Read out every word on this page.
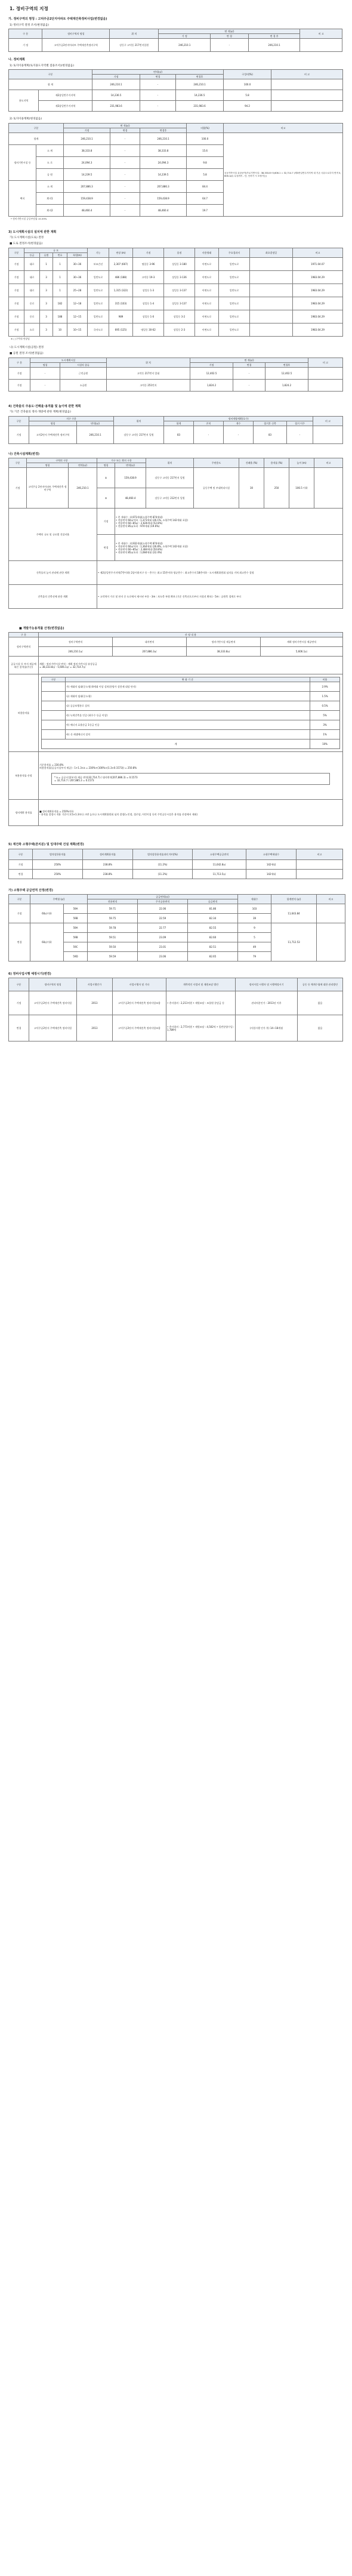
1. 정비구역의 지정
가. 정비구역의 명칭 : 고덕주공2단지아파트 주택재건축정비사업(변경없음)
1) 정비구역 결정 조서(변경없음)
구 분	정비구역의 명칭	위 치	면 적(㎡)			비 고
			기 정	변 경	변 경 후	
기 정	고덕주공2단지아파트 주택재건축정비구역	강동구 고덕동 217번지일원	246,210.1	-	246,210.1	
나. 정비계획
1) 토지이용계획(토지용도지역별 점용조서)(변경없음)
구분		면적(㎡)			구성비(%)	비 고
		기정	변경	변경후		
합 계		246,210.1	-	246,210.1	100.0	
용도지역	제2종일반주거지역	14,236.5	-	14,236.5	5.8	
	제3종일반주거지역	231,983.6	-	231,983.6	94.2	
2) 토지이용계획(변경없음)
구분		면 적(㎡)			비율(%)	비고
		기정	변경	변경후		
합계		246,210.1	-	246,210.1	100.0	공공기반시설 유상공여(가로기반시설 : 38,333.8÷5,606.1 = 32,714.7 (제3종일반주거지역 내 기존 국유도로부지 면적 5,606.1㎡) 무상귀속 - 단, 인허가 시 조정가능)
정비기반시설 등	소 계	38,333.8	-	38,333.8	15.6	
	도 로	24,094.3	-	24,094.3	9.8	
	공 원	14,239.5	-	14,239.5	5.8	
택지	소 계	207,886.3	-	207,886.3	84.4	
	획지1	159,438.9	-	159,438.9	64.7	
	획지2	48,460.4	-	48,460.4	19.7	
* 정비기반시설 공공부담률 15.59%
3) 도시계획시설의 설치에 관한 계획
가) 도시계획시설(도로) 결정
■ 도로 결정조서(변경없음)
구분	규 모				기능	연장 (m)	기점	종점	사용형태	주요경과지	최초결정일	비고	
	등급	류별	번호	폭원(m)									
기정	대로	1	1	30~36	보조간선	2,307 (667)	명일동 3-96	상일동 3-180	이면도로	일반도로		1971.04.07	
기정	대로	3	1	30~36	일반도로	486 (188)	고덕동 19-3	상일동 3-136	이면도로	일반도로		1983.04.29	
기정	대로	3	1	25~28	일반도로	1,315 (322)	상일동 1-3	상일동 3-137	이면도로	일반도로		1983.04.29	
기정	중로	3	182	12~18	일반도로	315 (103)	상일동 1-4	상일동 3-137	이면도로	일반도로		1983.04.29	
기정	중로	3	188	12~15	일반도로	989	상일동 1-0	상일동 3-2	이면도로	일반도로		1983.04.29	
기정	소로	3	10	10~15	국지도로	695 (125)	명일동 30-62	상일동 2-3	이면도로	일반도로		1983.04.29	
※ ( )구역내 연장임
나) 도시계획시설(공원) 결정
■ 공원 결정 조서(변경없음)
구 분	도시계획시설		위 치	면 적(㎡)			비 고
	명칭	시설의 종류		기정	변경	변경후	
기정	-	근린공원	고덕동 217번지 일대	12,402.5	-	12,402.5	
기정	-	소공원	고덕동 251번지	1,824.2	-	1,824.2	
4) 건축물의 주용도·건폐율·용적률 및 높이에 관한 계획
가) 기존 건축물의 정비·개량에 관한 계획(변경없음)
구분	지구 구분		위치	정비개량계획(호수)					비 고
	명칭	면적(㎡)		합계	존치	개수	철거후 신축	철거 이주	
기정	고덕2단지 주택재건축 정비구역	246,210.1	강동구 고덕동 217번지 일원	83	-	-	83	-	
나) 건축시설계획(변경)
구분	구역의 구분		가구 또는 획지 구분		위치	주된용도	건폐율 (%)	용적률 (%)	높이 (m)	비고
	명칭	면적(㎡)	명칭	면적(㎡)						
기정	고덕주공 2단지아파트 주택재건축 정비구역	246,210.1	①	159,438.9	강동구 고덕동 217번지 일원	공동주택 및 부대복리시설	30	250	106.5 이하	
			②	48,460.4	강동구 고덕동 212번지 일원					
주택의 규모 및 규모별 건설비율			기정	• 총 세대수 : 4,973세대(소형주택 874세대)
• 전용면적 60㎡이하 : 1,373세대 (26.1%, 소형주택 142세대 포함)
• 전용면적 60~85㎡ : 2,626세대 (52.8%)
• 전용면적 85㎡초과 : 974세대 (19.6%)						

			변경	• 총 세대수 : 4,932세대(소형주택 874세대)
• 전용면적 60㎡이하 : 1,364세대 (26.8%, 소형주택 142세대 포함)
• 전용면적 60~85㎡ : 2,484세대 (50.8%)
• 전용면적 85㎡초과 : 1,084세대 (22.4%)						

건축물의 높이 관리에 관한 계획			• 제2종일반주거지역(7층이하) 2종이하지구 등 - 층수는 최고 15층이하 평균층수 : 최고층수의 18층이하 - 도시계획위원회 심의를 거쳐 최고층수 결정							
건축물의 건축선에 관한 계획			• 고덕역이 가로 및 단지 중 도로에서 제시된 부분 - 3m : 보도측 폭원 확보 (기준 건축선으로부터 지정선 확보) - 5m : 공원측 경계로 부터							
■ 개발가능용적률 산정(변경없음)
구 분	산 정 내 용
정비구역면적	정비구역면적	대지면적	정비기반시설 제공면적	계획 정비기반시설 제공면적
246,210.1㎡	207,886.3㎡	38,333.8㎡	5,606.1㎡
공공시설 등 부지 제공에 따른 용적률(가중)	
계획 : 정비기반시설 면적 - 계획 정비기반시설 유상공급
= 38,333.8㎡ - 5,606.1㎡ = 32,714.7㎡

허용용적률	
구분	완 화 기 준	비율
	가) 세대의 임대(중소형) 8세대 이상 설치(분양가 상한제 대상 단지)	2.9%
	나) 세대의 임대(중소형)	1.5%
	다) 공공보행통로 설치	0.5%
	라) 녹색건축물 인증 (최우수 등급 이상)	5%
	마) 에너지 효율등급 1등급 인증	3%
	바) 신·재생에너지 설치	1%
계	10%

허용용적률 산정	
기준용적률 = 230.8%
허용용적률(공공시설부지 제공) : 1+1.3×a = 230%+(100%×(1.3×0.1573)) = 250.8%
* a = 공공시설(부지) 제공 면적(32,714.7) / 대지면적(207,886.3) = 0.1573
= 32,714.7 / 207,885.3 = 0.1573

정비계획 용적률	■ 정비계획용적률 = 250%이하
- 용적률 결정시 적용 기준이 3.5×1.3보다 크면 높으나 도시계획위원회 심의 결정(노인정, 경로당, 어린이집 등의 주민공동시설은 용적률 산정에서 제외)
5) 재건축 소형주택(존치분) 및 임대주택 건설 계획(변경)
구분	법적상한용적률	정비계획용적률	법적상한용적률과의 차이(%)	소형주택공급면적	소형주택세대수	비고
기정	250%	238.8%	(11.2%)	11,642.8㎡	142세대	
변경	250%	238.8%	(11.2%)	11,713.5㎡	142세대	
가) 소형주택 공급면적 산정(변경)
구분	주택형 (㎡)		공급면적(㎡)			세대수	합계면적 (㎡)	비고
			전용면적	주거공용면적	공급면적			
기정	60㎡이하	59A	59.71	22.06	81.86	103	11,643.84	
		59B	59.75	22.59	82.34	39		
변경	60㎡이하	59A	59.78	22.77	82.55	9	11,712.53	
		59B	59.51	23.09	82.60	5		
		59C	59.50	23.01	82.51	49		
		59D	59.59	23.06	82.65	79		
6) 정비사업시행 예정시기(변경)
구분	정비구역의 명칭	사업시행인가	사업시행자 및 기타	개략적인 사업비 및 재원조달 방안	정비사업 시행자 및 시행예정시기	공동 등 체계수립에 대한 관리방안
기정	고덕주공2단지 주택재건축 정비사업	2013	고덕주공2단지 주택재건축 정비사업조합	• 총사업비 : 2,211억원 • 재원조달 : 조합원 분담금 등	관리처분인가 : 2013년 이후	없음
변경	고덕주공2단지 주택재건축 정비사업	2013	고덕주공2단지 주택재건축 정비사업조합	• 총사업비 : 2,771억원 • 재원조달 : 4,502억 • 일반분양수입 : 1,789억	(사업시행 인가 후) 14~18개월	없음
